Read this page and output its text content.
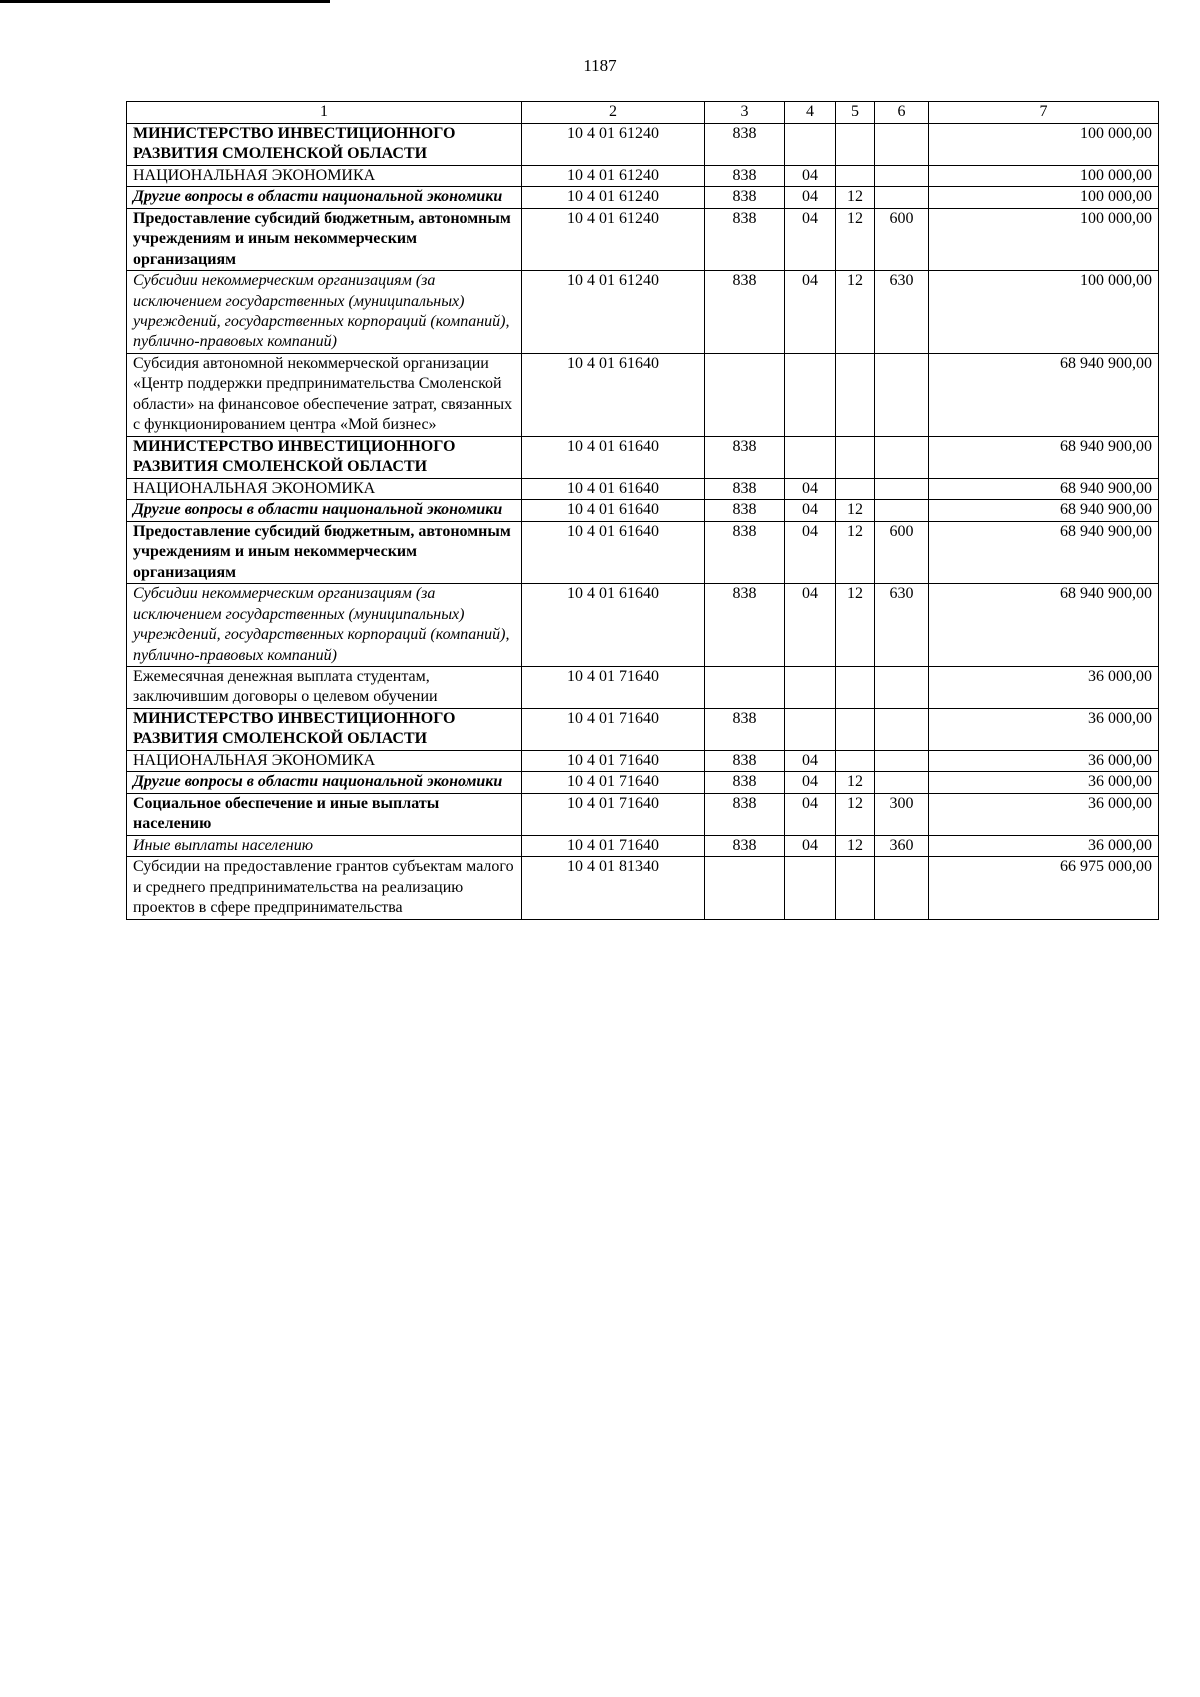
1187
1	2	3	4	5	6	7
МИНИСТЕРСТВО ИНВЕСТИЦИОННОГО РАЗВИТИЯ СМОЛЕНСКОЙ ОБЛАСТИ	10 4 01 61240	838				100 000,00
НАЦИОНАЛЬНАЯ ЭКОНОМИКА	10 4 01 61240	838	04			100 000,00
Другие вопросы в области национальной экономики	10 4 01 61240	838	04	12		100 000,00
Предоставление субсидий бюджетным, автономным учреждениям и иным некоммерческим организациям	10 4 01 61240	838	04	12	600	100 000,00
Субсидии некоммерческим организациям (за исключением государственных (муниципальных) учреждений, государственных корпораций (компаний), публично-правовых компаний)	10 4 01 61240	838	04	12	630	100 000,00
Субсидия автономной некоммерческой организации «Центр поддержки предпринимательства Смоленской области» на финансовое обеспечение затрат, связанных с функционированием центра «Мой бизнес»	10 4 01 61640					68 940 900,00
МИНИСТЕРСТВО ИНВЕСТИЦИОННОГО РАЗВИТИЯ СМОЛЕНСКОЙ ОБЛАСТИ	10 4 01 61640	838				68 940 900,00
НАЦИОНАЛЬНАЯ ЭКОНОМИКА	10 4 01 61640	838	04			68 940 900,00
Другие вопросы в области национальной экономики	10 4 01 61640	838	04	12		68 940 900,00
Предоставление субсидий бюджетным, автономным учреждениям и иным некоммерческим организациям	10 4 01 61640	838	04	12	600	68 940 900,00
Субсидии некоммерческим организациям (за исключением государственных (муниципальных) учреждений, государственных корпораций (компаний), публично-правовых компаний)	10 4 01 61640	838	04	12	630	68 940 900,00
Ежемесячная денежная выплата студентам, заключившим договоры о целевом обучении	10 4 01 71640					36 000,00
МИНИСТЕРСТВО ИНВЕСТИЦИОННОГО РАЗВИТИЯ СМОЛЕНСКОЙ ОБЛАСТИ	10 4 01 71640	838				36 000,00
НАЦИОНАЛЬНАЯ ЭКОНОМИКА	10 4 01 71640	838	04			36 000,00
Другие вопросы в области национальной экономики	10 4 01 71640	838	04	12		36 000,00
Социальное обеспечение и иные выплаты населению	10 4 01 71640	838	04	12	300	36 000,00
Иные выплаты населению	10 4 01 71640	838	04	12	360	36 000,00
Субсидии на предоставление грантов субъектам малого и среднего предпринимательства на реализацию проектов в сфере предпринимательства	10 4 01 81340					66 975 000,00
